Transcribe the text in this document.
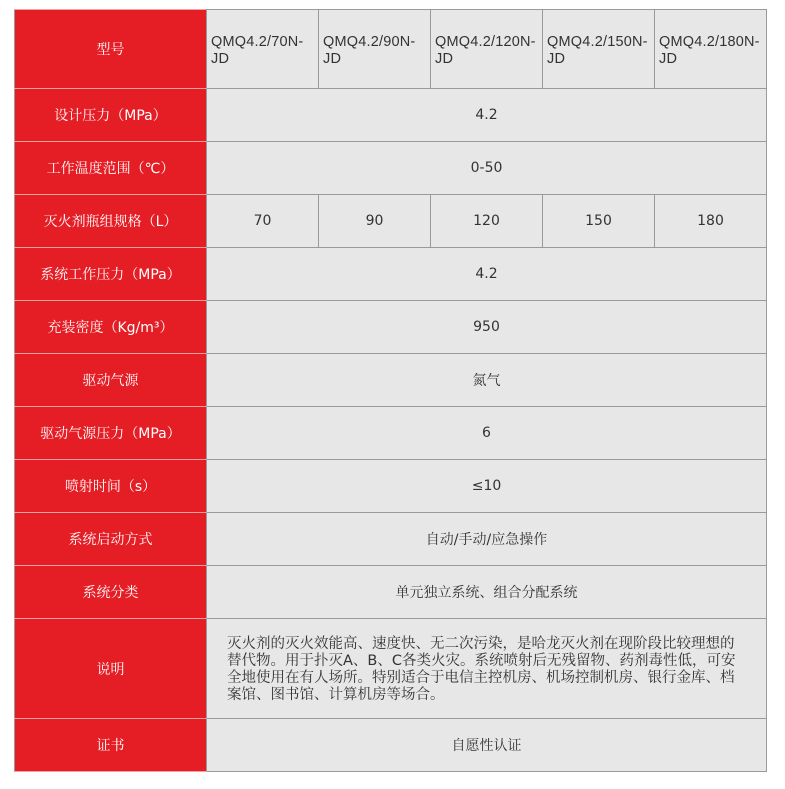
型号	QMQ4.2/70N-JD	QMQ4.2/90N-JD	QMQ4.2/120N-JD	QMQ4.2/150N-JD	QMQ4.2/180N-JD

设计压力（MPa）	4.2				
工作温度范围（℃）	0-50				
灭火剂瓶组规格（L）	70	90	120	150	180
系统工作压力（MPa）	4.2				
充装密度（Kg/m³）	950				
驱动气源	氮气				
驱动气源压力（MPa）	6				
喷射时间（s）	≤10				
系统启动方式	自动/手动/应急操作				
系统分类	单元独立系统、组合分配系统				
说明	灭火剂的灭火效能高、速度快、无二次污染，是哈龙灭火剂在现阶段比较理想的替代物。用于扑灭A、B、C各类火灾。系统喷射后无残留物、药剂毒性低，可安全地使用在有人场所。特别适合于电信主控机房、机场控制机房、银行金库、档案馆、图书馆、计算机房等场合。				
证书	自愿性认证				
